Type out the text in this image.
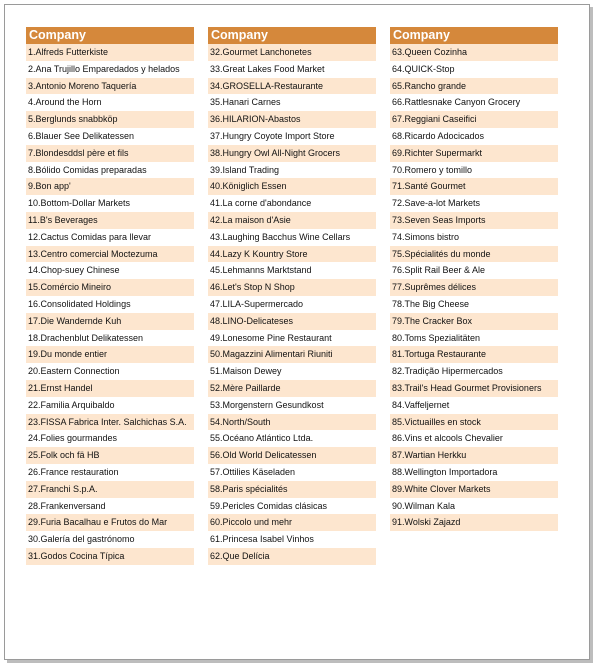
Company
1.Alfreds Futterkiste
2.Ana Trujillo Emparedados y helados
3.Antonio Moreno Taquería
4.Around the Horn
5.Berglunds snabbköp
6.Blauer See Delikatessen
7.Blondesddsl père et fils
8.Bólido Comidas preparadas
9.Bon app'
10.Bottom-Dollar Markets
11.B's Beverages
12.Cactus Comidas para llevar
13.Centro comercial Moctezuma
14.Chop-suey Chinese
15.Comércio Mineiro
16.Consolidated Holdings
17.Die Wandernde Kuh
18.Drachenblut Delikatessen
19.Du monde entier
20.Eastern Connection
21.Ernst Handel
22.Familia Arquibaldo
23.FISSA Fabrica Inter. Salchichas S.A.
24.Folies gourmandes
25.Folk och fä HB
26.France restauration
27.Franchi S.p.A.
28.Frankenversand
29.Furia Bacalhau e Frutos do Mar
30.Galería del gastrónomo
31.Godos Cocina Típica
Company
32.Gourmet Lanchonetes
33.Great Lakes Food Market
34.GROSELLA-Restaurante
35.Hanari Carnes
36.HILARION-Abastos
37.Hungry Coyote Import Store
38.Hungry Owl All-Night Grocers
39.Island Trading
40.Königlich Essen
41.La corne d'abondance
42.La maison d'Asie
43.Laughing Bacchus Wine Cellars
44.Lazy K Kountry Store
45.Lehmanns Marktstand
46.Let's Stop N Shop
47.LILA-Supermercado
48.LINO-Delicateses
49.Lonesome Pine Restaurant
50.Magazzini Alimentari Riuniti
51.Maison Dewey
52.Mère Paillarde
53.Morgenstern Gesundkost
54.North/South
55.Océano Atlántico Ltda.
56.Old World Delicatessen
57.Ottilies Käseladen
58.Paris spécialités
59.Pericles Comidas clásicas
60.Piccolo und mehr
61.Princesa Isabel Vinhos
62.Que Delícia
Company
63.Queen Cozinha
64.QUICK-Stop
65.Rancho grande
66.Rattlesnake Canyon Grocery
67.Reggiani Caseifici
68.Ricardo Adocicados
69.Richter Supermarkt
70.Romero y tomillo
71.Santé Gourmet
72.Save-a-lot Markets
73.Seven Seas Imports
74.Simons bistro
75.Spécialités du monde
76.Split Rail Beer & Ale
77.Suprêmes délices
78.The Big Cheese
79.The Cracker Box
80.Toms Spezialitäten
81.Tortuga Restaurante
82.Tradição Hipermercados
83.Trail's Head Gourmet Provisioners
84.Vaffeljernet
85.Victuailles en stock
86.Vins et alcools Chevalier
87.Wartian Herkku
88.Wellington Importadora
89.White Clover Markets
90.Wilman Kala
91.Wolski Zajazd
